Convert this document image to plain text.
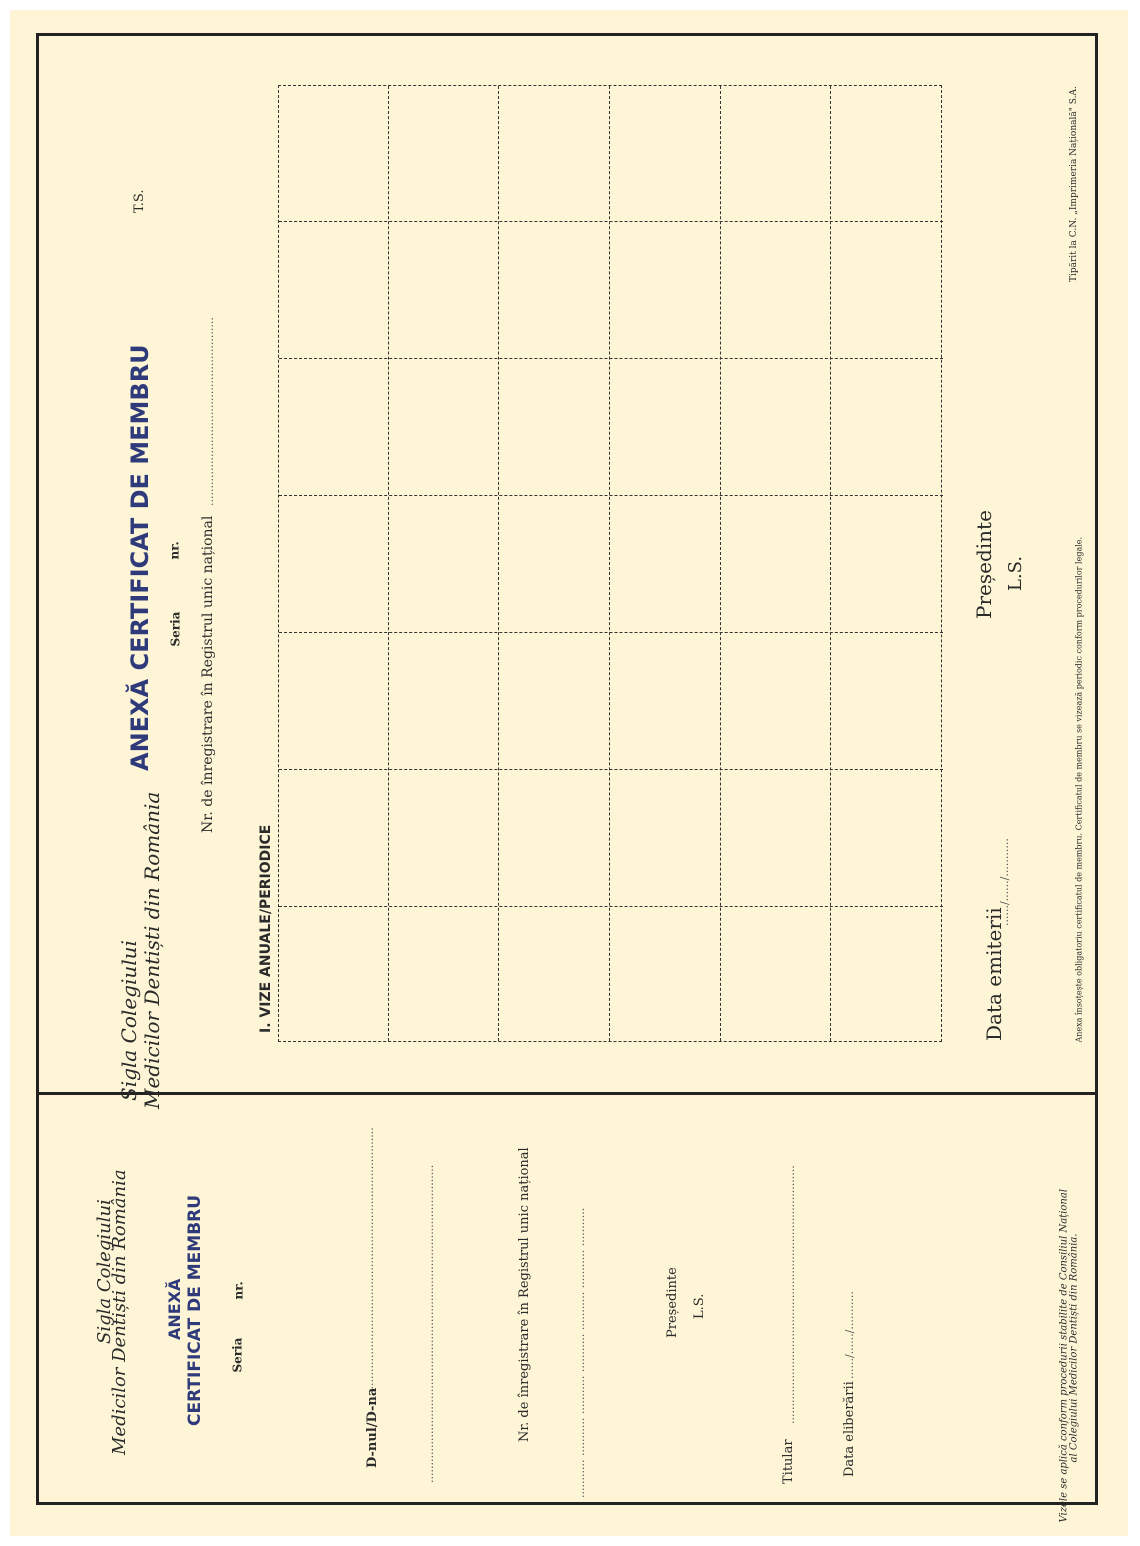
Sigla Colegiului
Medicilor Dentiști din România ANEXĂ CERTIFICAT DE MEMBRU Seria
nr.
D-nul/D-na
............................................................................	...........................................................................................	Nr. de înregistrare în Registrul unic național	........... ........... ........... ........... ........... ........... ...........	Președinte L.S.
Titular
..........................................................................
Data eliberării
....../....../...........	Vizele se aplică conform procedurii stabilite de Consiliul Național al Colegiului Medicilor Dentiști din România.
Sigla Colegiului Medicilor Dentiști din România
ANEXĂ CERTIFICAT DE MEMBRU
T.S.
Seria
nr. Nr. de înregistrare în Registrul unic național
......................................................
I. VIZE ANUALE/PERIODICE	Data emiterii
....../....../...........
Președinte L.S.	Anexa însoțește obligatoriu certificatul de membru. Certificatul de membru se vizează periodic conform procedurilor legale.
Tipărit la C.N. „Imprimeria Națională" S.A.
